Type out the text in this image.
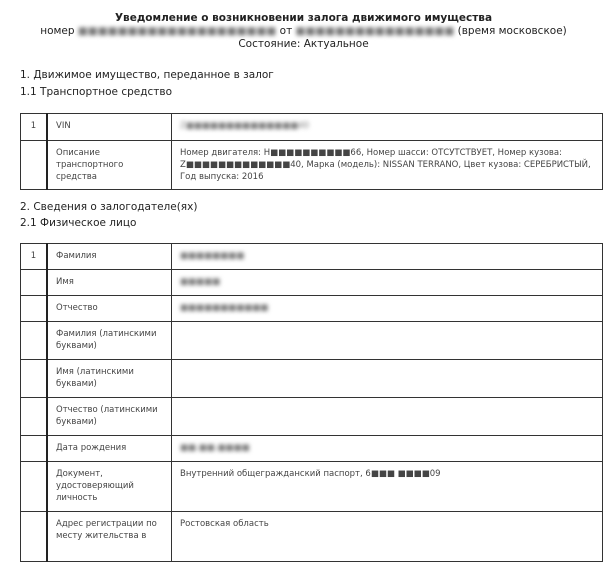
Уведомление о возникновении залога движимого имущества
номер ■■■■■■■■■■■■■■■■■■■■ от ■■■■■■■■■■■■■■■■ (время московское)
Состояние: Актуальное
1. Движимое имущество, переданное в залог
1.1 Транспортное средство
1	VIN	Z■■■■■■■■■■■■■■40
	Описание транспортного средства	Номер двигателя: Н■■■■■■■■■■66, Номер шасси: ОТСУТСТВУЕТ, Номер кузова: Z■■■■■■■■■■■■■40, Марка (модель): NISSAN TERRANO, Цвет кузова: СЕРЕБРИСТЫЙ, Год выпуска: 2016
2. Сведения о залогодателе(ях)
2.1 Физическое лицо
1	Фамилия	■■■■■■■■
	Имя	■■■■■
	Отчество	■■■■■■■■■■■
	Фамилия (латинскими буквами)	
	Имя (латинскими буквами)	
	Отчество (латинскими буквами)	
	Дата рождения	■■.■■.■■■■
	Документ, удостоверяющий личность	Внутренний общегражданский паспорт, 6■■■ ■■■■09
	Адрес регистрации по месту жительства в	Ростовская область
